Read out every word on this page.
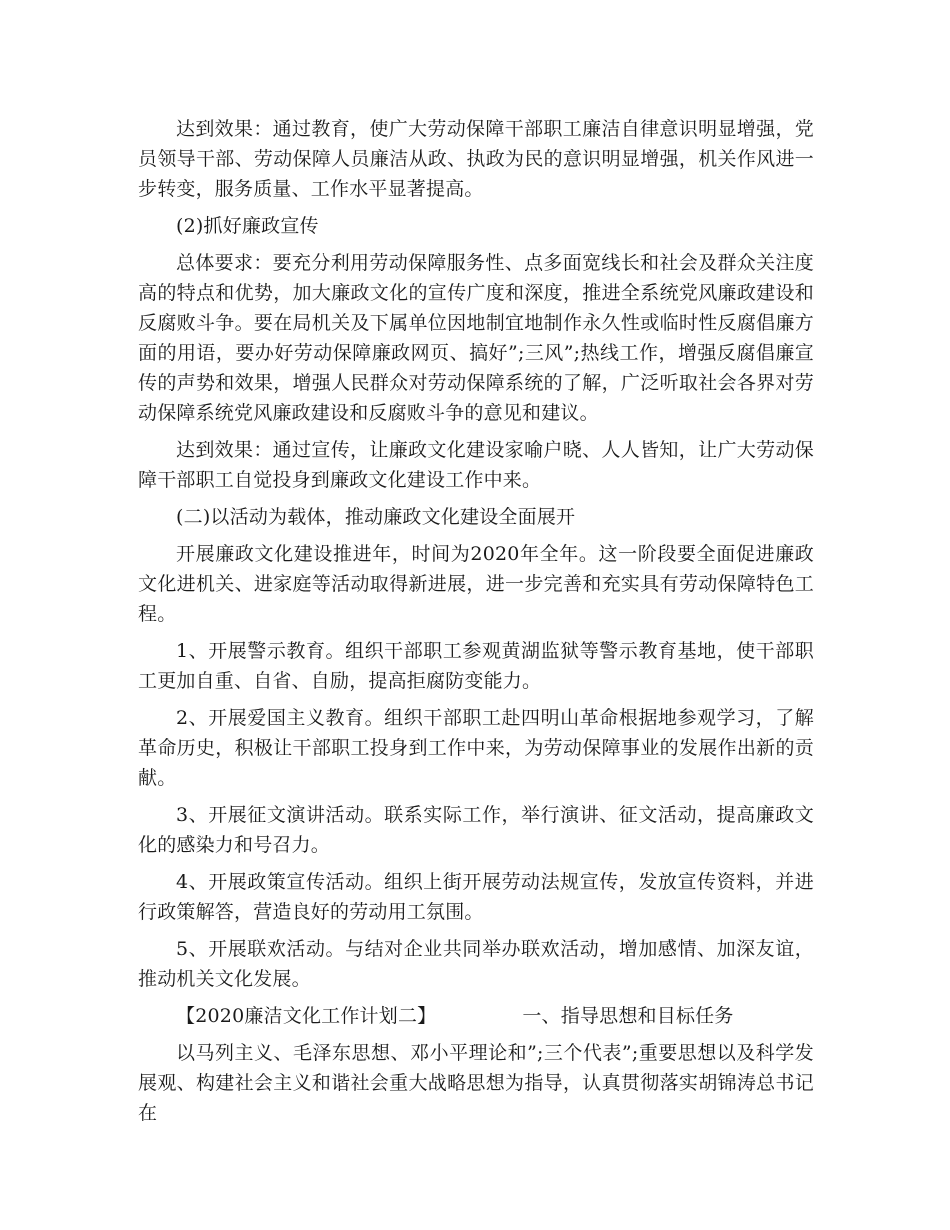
达到效果：通过教育，使广大劳动保障干部职工廉洁自律意识明显增强，党员领导干部、劳动保障人员廉洁从政、执政为民的意识明显增强，机关作风进一步转变，服务质量、工作水平显著提高。

(2)抓好廉政宣传

总体要求：要充分利用劳动保障服务性、点多面宽线长和社会及群众关注度高的特点和优势，加大廉政文化的宣传广度和深度，推进全系统党风廉政建设和反腐败斗争。要在局机关及下属单位因地制宜地制作永久性或临时性反腐倡廉方面的用语，要办好劳动保障廉政网页、搞好”;三风”;热线工作，增强反腐倡廉宣传的声势和效果，增强人民群众对劳动保障系统的了解，广泛听取社会各界对劳动保障系统党风廉政建设和反腐败斗争的意见和建议。

达到效果：通过宣传，让廉政文化建设家喻户晓、人人皆知，让广大劳动保障干部职工自觉投身到廉政文化建设工作中来。

(二)以活动为载体，推动廉政文化建设全面展开

开展廉政文化建设推进年，时间为2020年全年。这一阶段要全面促进廉政文化进机关、进家庭等活动取得新进展，进一步完善和充实具有劳动保障特色工程。

1、开展警示教育。组织干部职工参观黄湖监狱等警示教育基地，使干部职工更加自重、自省、自励，提高拒腐防变能力。

2、开展爱国主义教育。组织干部职工赴四明山革命根据地参观学习，了解革命历史，积极让干部职工投身到工作中来，为劳动保障事业的发展作出新的贡献。

3、开展征文演讲活动。联系实际工作，举行演讲、征文活动，提高廉政文化的感染力和号召力。

4、开展政策宣传活动。组织上街开展劳动法规宣传，发放宣传资料，并进行政策解答，营造良好的劳动用工氛围。

5、开展联欢活动。与结对企业共同举办联欢活动，增加感情、加深友谊，推动机关文化发展。

【2020廉洁文化工作计划二】	一、指导思想和目标任务

以马列主义、毛泽东思想、邓小平理论和”;三个代表”;重要思想以及科学发展观、构建社会主义和谐社会重大战略思想为指导，认真贯彻落实胡锦涛总书记在
